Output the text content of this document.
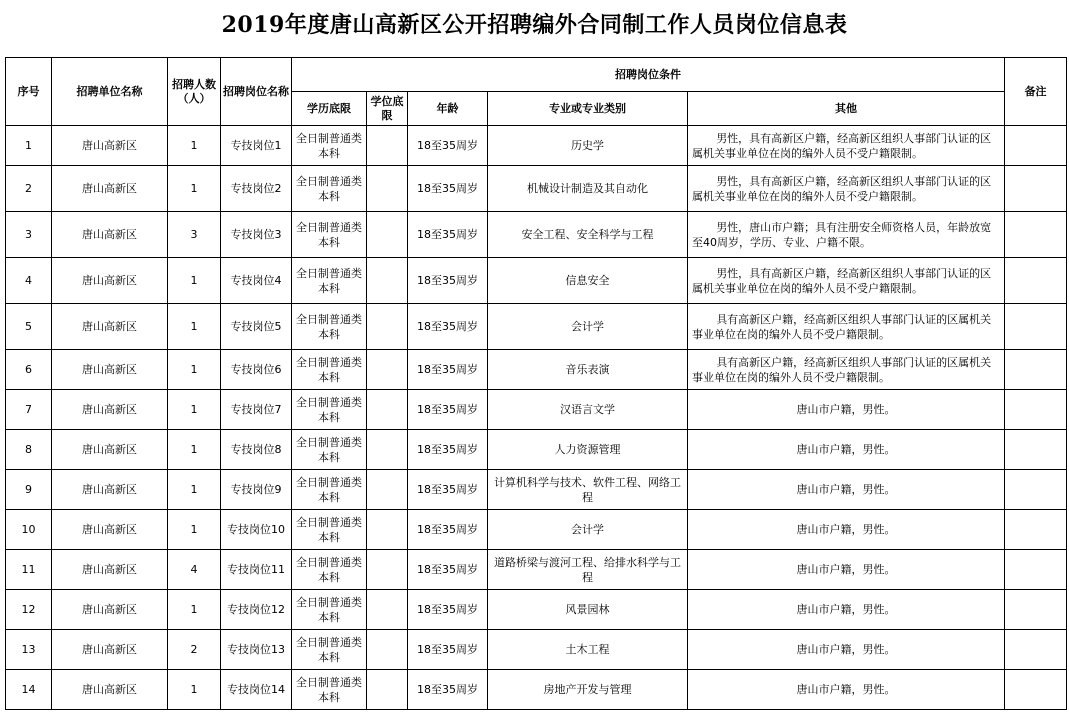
2019年度唐山高新区公开招聘编外合同制工作人员岗位信息表
序号	招聘单位名称	招聘人数（人）	招聘岗位名称	招聘岗位条件					备注
				学历底限	学位底限	年龄	专业或专业类别	其他	
1	唐山高新区	1	专技岗位1	全日制普通类本科		18至35周岁	历史学	男性，具有高新区户籍，经高新区组织人事部门认证的区属机关事业单位在岗的编外人员不受户籍限制。	
2	唐山高新区	1	专技岗位2	全日制普通类本科		18至35周岁	机械设计制造及其自动化	男性，具有高新区户籍，经高新区组织人事部门认证的区属机关事业单位在岗的编外人员不受户籍限制。	
3	唐山高新区	3	专技岗位3	全日制普通类本科		18至35周岁	安全工程、安全科学与工程	男性，唐山市户籍；具有注册安全师资格人员，年龄放宽至40周岁，学历、专业、户籍不限。	
4	唐山高新区	1	专技岗位4	全日制普通类本科		18至35周岁	信息安全	男性，具有高新区户籍，经高新区组织人事部门认证的区属机关事业单位在岗的编外人员不受户籍限制。	
5	唐山高新区	1	专技岗位5	全日制普通类本科		18至35周岁	会计学	具有高新区户籍，经高新区组织人事部门认证的区属机关事业单位在岗的编外人员不受户籍限制。	
6	唐山高新区	1	专技岗位6	全日制普通类本科		18至35周岁	音乐表演	具有高新区户籍，经高新区组织人事部门认证的区属机关事业单位在岗的编外人员不受户籍限制。	
7	唐山高新区	1	专技岗位7	全日制普通类本科		18至35周岁	汉语言文学	唐山市户籍，男性。	
8	唐山高新区	1	专技岗位8	全日制普通类本科		18至35周岁	人力资源管理	唐山市户籍，男性。	
9	唐山高新区	1	专技岗位9	全日制普通类本科		18至35周岁	计算机科学与技术、软件工程、网络工程	唐山市户籍，男性。	
10	唐山高新区	1	专技岗位10	全日制普通类本科		18至35周岁	会计学	唐山市户籍，男性。	
11	唐山高新区	4	专技岗位11	全日制普通类本科		18至35周岁	道路桥梁与渡河工程、给排水科学与工程	唐山市户籍，男性。	
12	唐山高新区	1	专技岗位12	全日制普通类本科		18至35周岁	风景园林	唐山市户籍，男性。	
13	唐山高新区	2	专技岗位13	全日制普通类本科		18至35周岁	土木工程	唐山市户籍，男性。	
14	唐山高新区	1	专技岗位14	全日制普通类本科		18至35周岁	房地产开发与管理	唐山市户籍，男性。	
